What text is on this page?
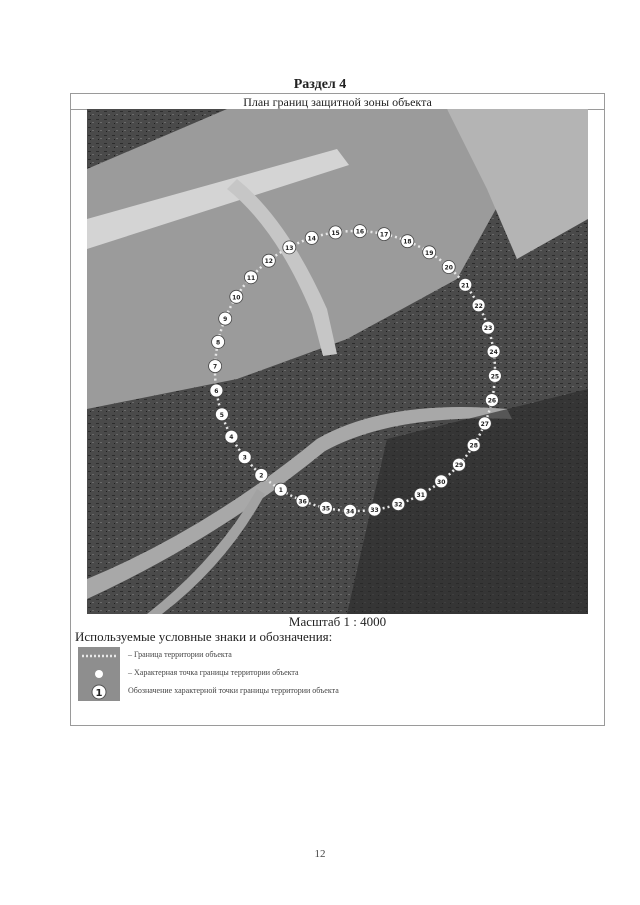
Раздел 4
План границ защитной зоны объекта
1
2
3
4
5
6
7
8
9
10
11
12
13
14
15	16	17
18
19
20
21
22
23
24
25
26
27
28
29
30
31
32
33
34
35
36
Масштаб 1 : 4000
Используемые условные знаки и обозначения:
– Граница территории объекта
– Характерная точка границы территории объекта
1	Обозначение характерной точки границы территории объекта
12
